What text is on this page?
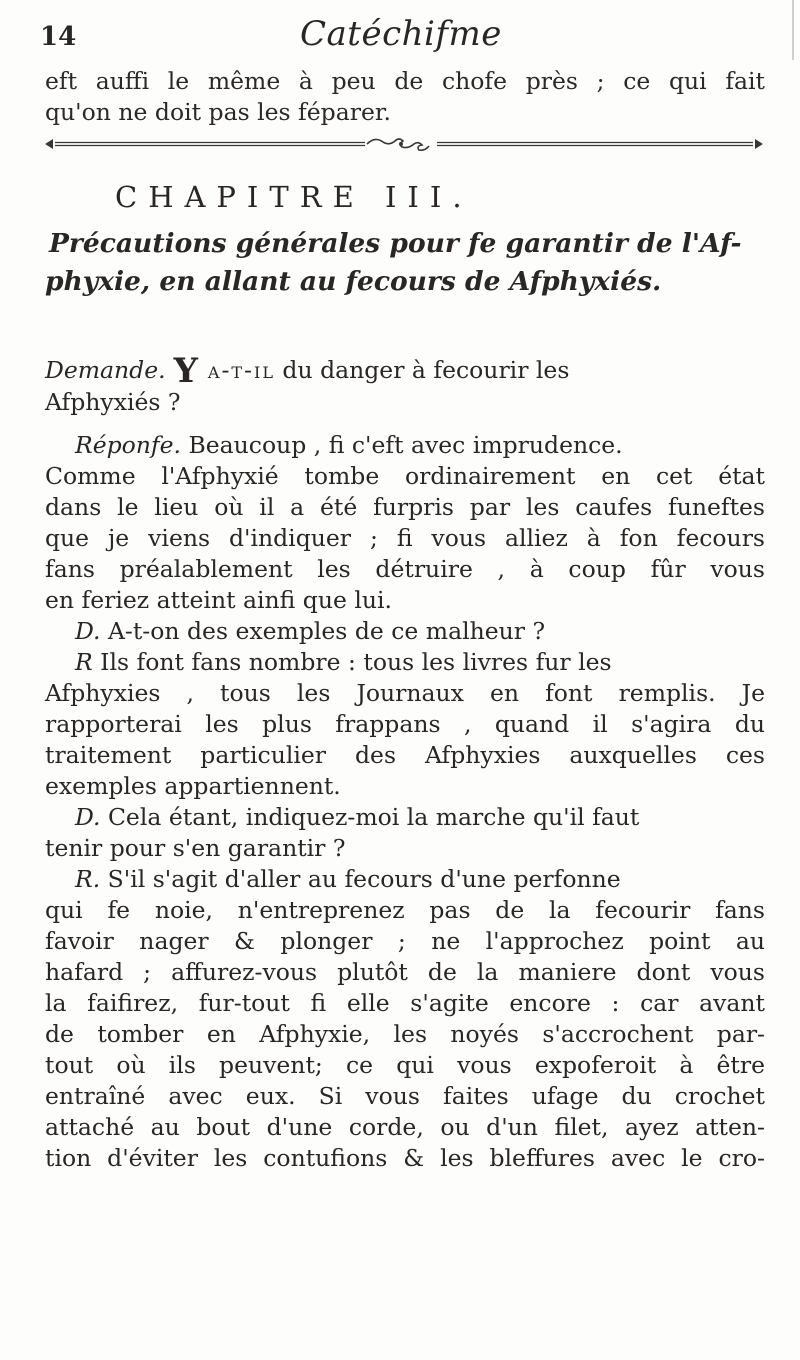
14	Catéchifme
eft auffi le même à peu de chofe près ; ce qui fait
qu'on ne doit pas les féparer.
CHAPITRE III.
Précautions générales pour fe garantir de l'Af-
phyxie, en allant au fecours de Afphyxiés.
Demande. Y a-t-il du danger à fecourir les
Afphyxiés ?
Réponfe. Beaucoup , fi c'eft avec imprudence.
Comme l'Afphyxié tombe ordinairement en cet état
dans le lieu où il a été furpris par les caufes funeftes
que je viens d'indiquer ; fi vous alliez à fon fecours
fans préalablement les détruire , à coup fûr vous
en feriez atteint ainfi que lui.
D. A-t-on des exemples de ce malheur ?
R Ils font fans nombre : tous les livres fur les
Afphyxies , tous les Journaux en font remplis. Je
rapporterai les plus frappans , quand il s'agira du
traitement particulier des Afphyxies auxquelles ces
exemples appartiennent.
D. Cela étant, indiquez-moi la marche qu'il faut
tenir pour s'en garantir ?
R. S'il s'agit d'aller au fecours d'une perfonne
qui fe noie, n'entreprenez pas de la fecourir fans
favoir nager & plonger ; ne l'approchez point au
hafard ; affurez-vous plutôt de la maniere dont vous
la faifirez, fur-tout fi elle s'agite encore : car avant
de tomber en Afphyxie, les noyés s'accrochent par-
tout où ils peuvent; ce qui vous expoferoit à être
entraîné avec eux. Si vous faites ufage du crochet
attaché au bout d'une corde, ou d'un filet, ayez atten-
tion d'éviter les contufions & les bleffures avec le cro-
